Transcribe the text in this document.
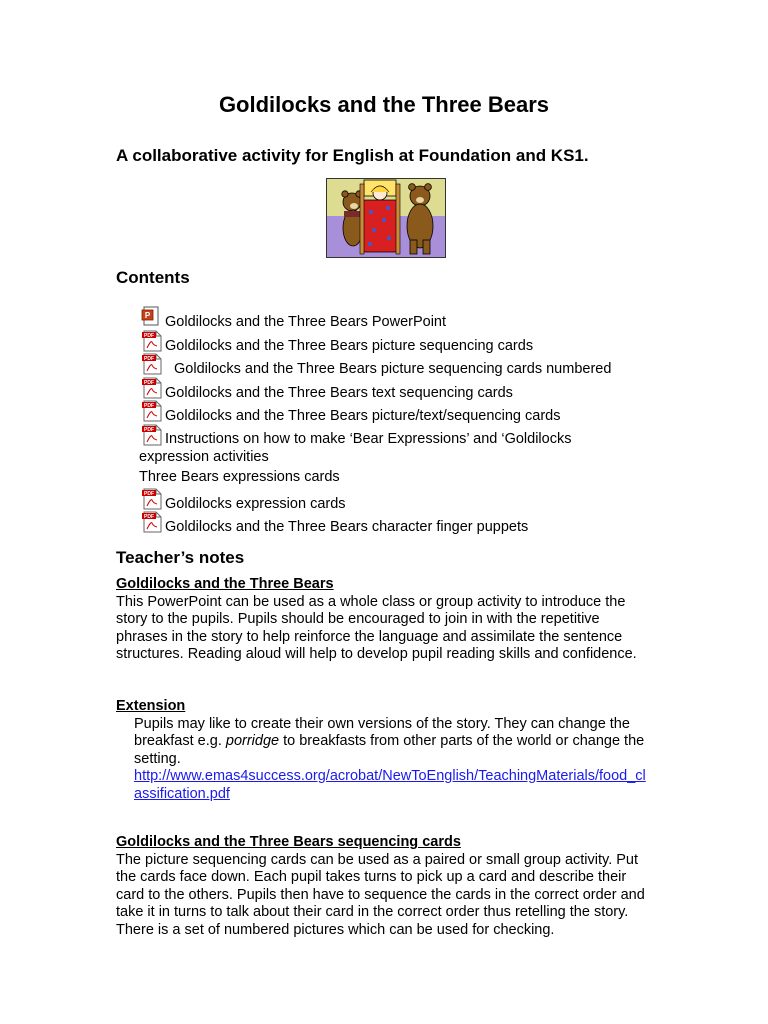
Goldilocks and the Three Bears
A collaborative activity for English at Foundation and KS1.
Contents
P Goldilocks and the Three Bears PowerPoint
PDF
Goldilocks and the Three Bears picture sequencing cards
PDF
Goldilocks and the Three Bears picture sequencing cards numbered
PDF
Goldilocks and the Three Bears text sequencing cards
PDF
Goldilocks and the Three Bears picture/text/sequencing cards
PDF
Instructions on how to make ‘Bear Expressions’ and ‘Goldilocks expression activities
Three Bears expressions cards
PDF
Goldilocks expression cards
PDF
Goldilocks and the Three Bears character finger puppets
Teacher’s notes
Goldilocks and the Three Bears
This PowerPoint can be used as a whole class or group activity to introduce the story to the pupils. Pupils should be encouraged to join in with the repetitive phrases in the story to help reinforce the language and assimilate the sentence structures. Reading aloud will help to develop pupil reading skills and confidence.
Extension
Pupils may like to create their own versions of the story. They can change the breakfast e.g. porridge to breakfasts from other parts of the world or change the setting.
http://www.emas4success.org/acrobat/NewToEnglish/TeachingMaterials/food_classification.pdf
Goldilocks and the Three Bears sequencing cards
The picture sequencing cards can be used as a paired or small group activity. Put the cards face down. Each pupil takes turns to pick up a card and describe their card to the others. Pupils then have to sequence the cards in the correct order and take it in turns to talk about their card in the correct order thus retelling the story. There is a set of numbered pictures which can be used for checking.
